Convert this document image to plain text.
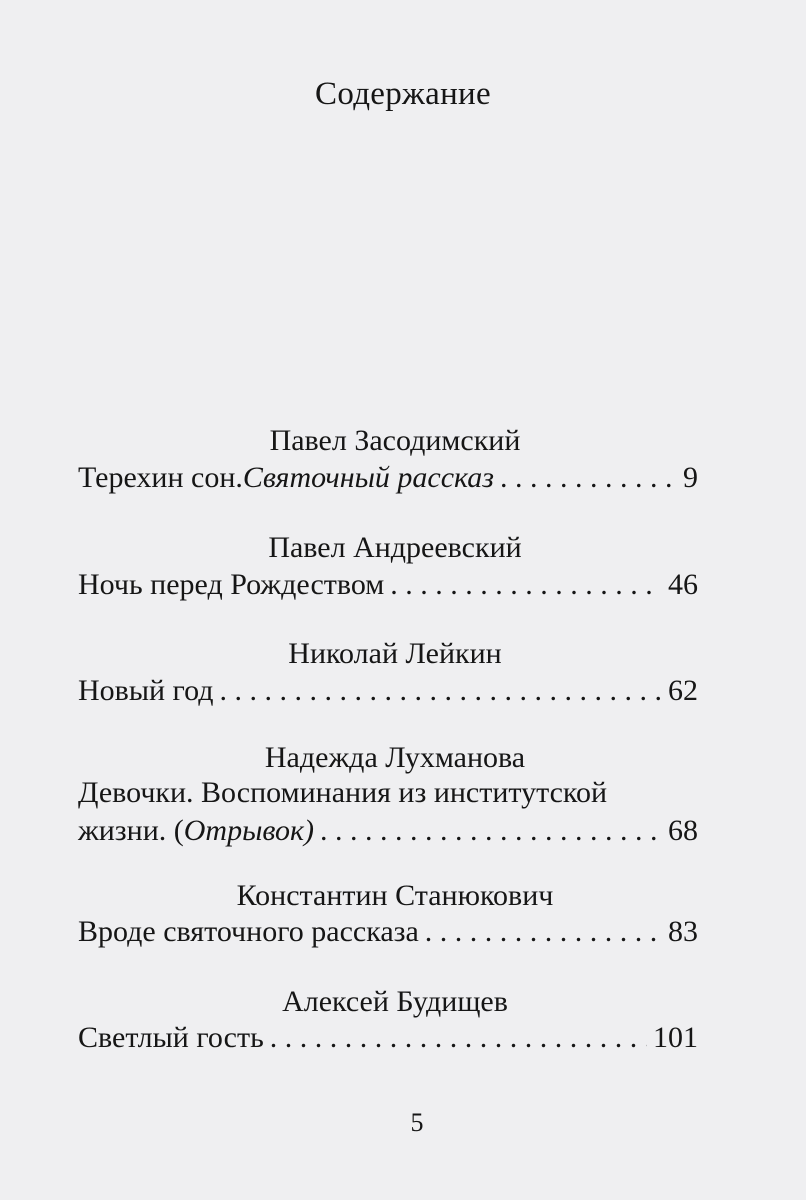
Содержание
Павел Засодимский
Терехин сон. Святочный рассказ . . .	9
Павел Андреевский
Ночь перед Рождеством . . .	46
Николай Лейкин
Новый год . . .	62
Надежда Лухманова
Девочки. Воспоминания из институтской
жизни. ( Отрывок) . . .	68
Константин Станюкович
Вроде святочного рассказа . . .	83
Алексей Будищев
Светлый гость . . .	101
5
